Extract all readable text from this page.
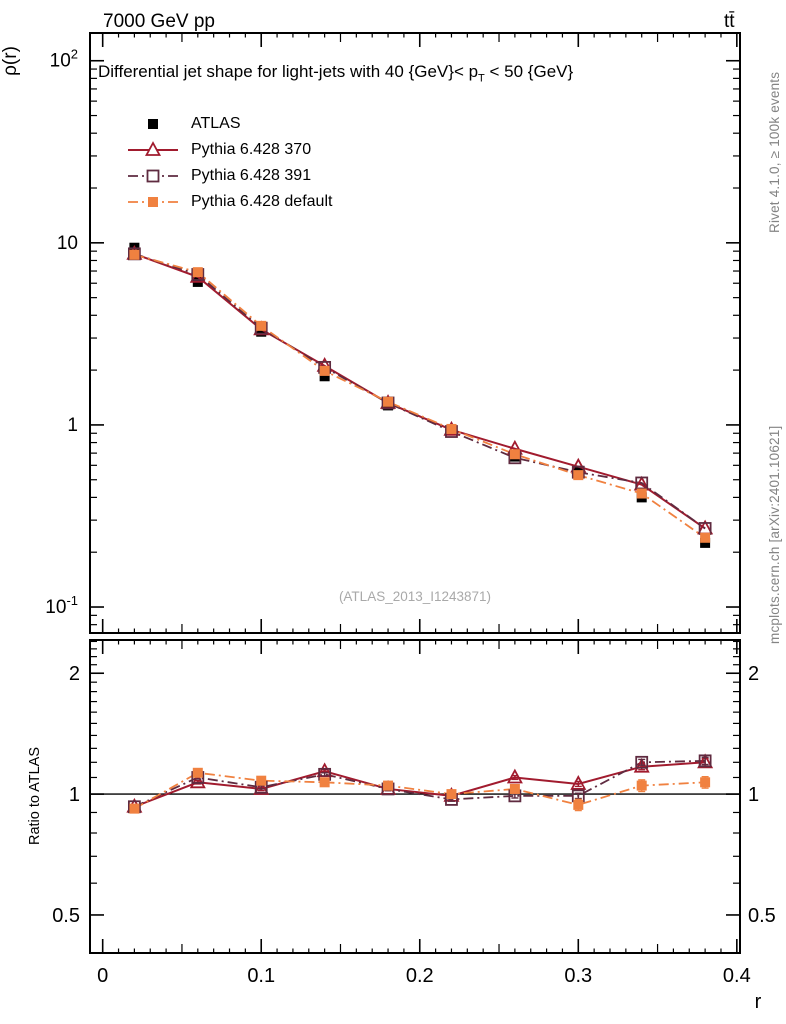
$10^2$
10
1
$10^{-1}$
2	2
1	1
0.5	0.5
0	0.1	0.2	0.3	0.4
r
7000 GeV pp	tt̄
ρ(r)	Differential jet shape for light-jets with 40 $\{GeV\}< p_T < 50$ {GeV}
ATLAS
Pythia 6.428 370
Pythia 6.428 391
Pythia 6.428 default
(ATLAS_2013_I1243871)
Rivet 4.1.0, ≥ 100k events
mcplots.cern.ch [arXiv:2401.10621]
Ratio to ATLAS
